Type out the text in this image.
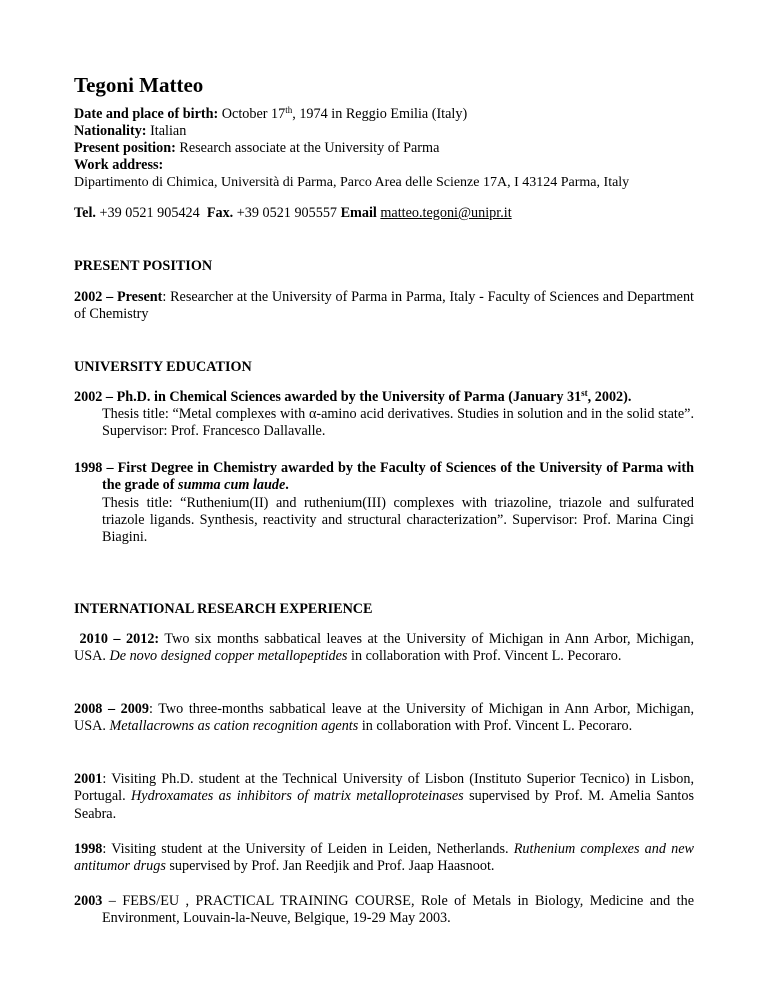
Tegoni Matteo
Date and place of birth: October 17th, 1974 in Reggio Emilia (Italy)
Nationality: Italian
Present position: Research associate at the University of Parma
Work address:
Dipartimento di Chimica, Università di Parma, Parco Area delle Scienze 17A, I 43124 Parma, Italy
Tel. +39 0521 905424 Fax. +39 0521 905557 Email matteo.tegoni@unipr.it
PRESENT POSITION
2002 – Present: Researcher at the University of Parma in Parma, Italy - Faculty of Sciences and Department of Chemistry
UNIVERSITY EDUCATION
2002 – Ph.D. in Chemical Sciences awarded by the University of Parma (January 31st, 2002).
Thesis title: “Metal complexes with α-amino acid derivatives. Studies in solution and in the solid state”. Supervisor: Prof. Francesco Dallavalle.
1998 – First Degree in Chemistry awarded by the Faculty of Sciences of the University of Parma with the grade of summa cum laude.
Thesis title: “Ruthenium(II) and ruthenium(III) complexes with triazoline, triazole and sulfurated triazole ligands. Synthesis, reactivity and structural characterization”. Supervisor: Prof. Marina Cingi Biagini.
INTERNATIONAL RESEARCH EXPERIENCE
2010 – 2012: Two six months sabbatical leaves at the University of Michigan in Ann Arbor, Michigan, USA. De novo designed copper metallopeptides in collaboration with Prof. Vincent L. Pecoraro.
2008 – 2009: Two three-months sabbatical leave at the University of Michigan in Ann Arbor, Michigan, USA. Metallacrowns as cation recognition agents in collaboration with Prof. Vincent L. Pecoraro.
2001: Visiting Ph.D. student at the Technical University of Lisbon (Instituto Superior Tecnico) in Lisbon, Portugal. Hydroxamates as inhibitors of matrix metalloproteinases supervised by Prof. M. Amelia Santos Seabra.
1998: Visiting student at the University of Leiden in Leiden, Netherlands. Ruthenium complexes and new antitumor drugs supervised by Prof. Jan Reedjik and Prof. Jaap Haasnoot.
2003 – FEBS/EU , PRACTICAL TRAINING COURSE, Role of Metals in Biology, Medicine and the Environment, Louvain-la-Neuve, Belgique, 19-29 May 2003.
